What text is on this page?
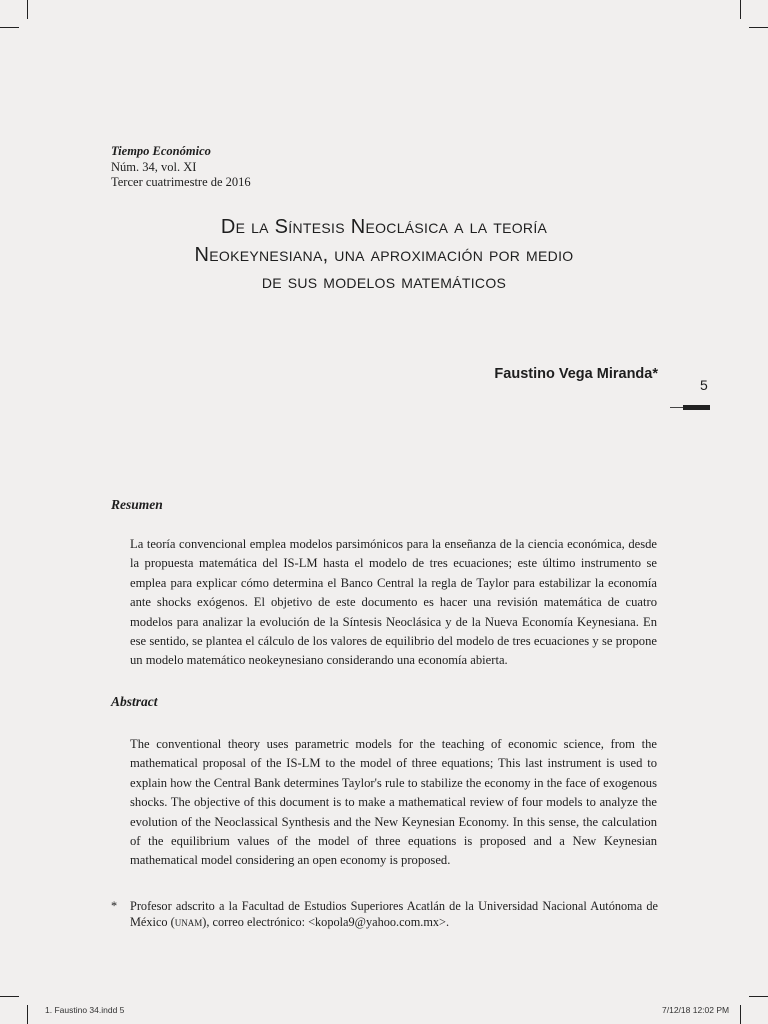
Tiempo Económico
Núm. 34, vol. XI
Tercer cuatrimestre de 2016
De la Síntesis Neoclásica a la teoría
Neokeynesiana, una aproximación por medio
de sus modelos matemáticos
Faustino Vega Miranda*
5
Resumen
La teoría convencional emplea modelos parsimónicos para la enseñanza de la ciencia económica, desde la propuesta matemática del IS-LM hasta el modelo de tres ecuaciones; este último instrumento se emplea para explicar cómo determina el Banco Central la regla de Taylor para estabilizar la economía ante shocks exógenos. El objetivo de este documento es hacer una revisión matemática de cuatro modelos para analizar la evolución de la Síntesis Neoclásica y de la Nueva Economía Keynesiana. En ese sentido, se plantea el cálculo de los valores de equilibrio del modelo de tres ecuaciones y se propone un modelo matemático neokeynesiano considerando una economía abierta.
Abstract
The conventional theory uses parametric models for the teaching of economic science, from the mathematical proposal of the IS-LM to the model of three equations; This last instrument is used to explain how the Central Bank determines Taylor's rule to stabilize the economy in the face of exogenous shocks. The objective of this document is to make a mathematical review of four models to analyze the evolution of the Neoclassical Synthesis and the New Keynesian Economy. In this sense, the calculation of the equilibrium values of the model of three equations is proposed and a New Keynesian mathematical model considering an open economy is proposed.
* Profesor adscrito a la Facultad de Estudios Superiores Acatlán de la Universidad Nacional Autónoma de México (unam), correo electrónico: <kopola9@yahoo.com.mx>.
1. Faustino 34.indd 5	7/12/18 12:02 PM
